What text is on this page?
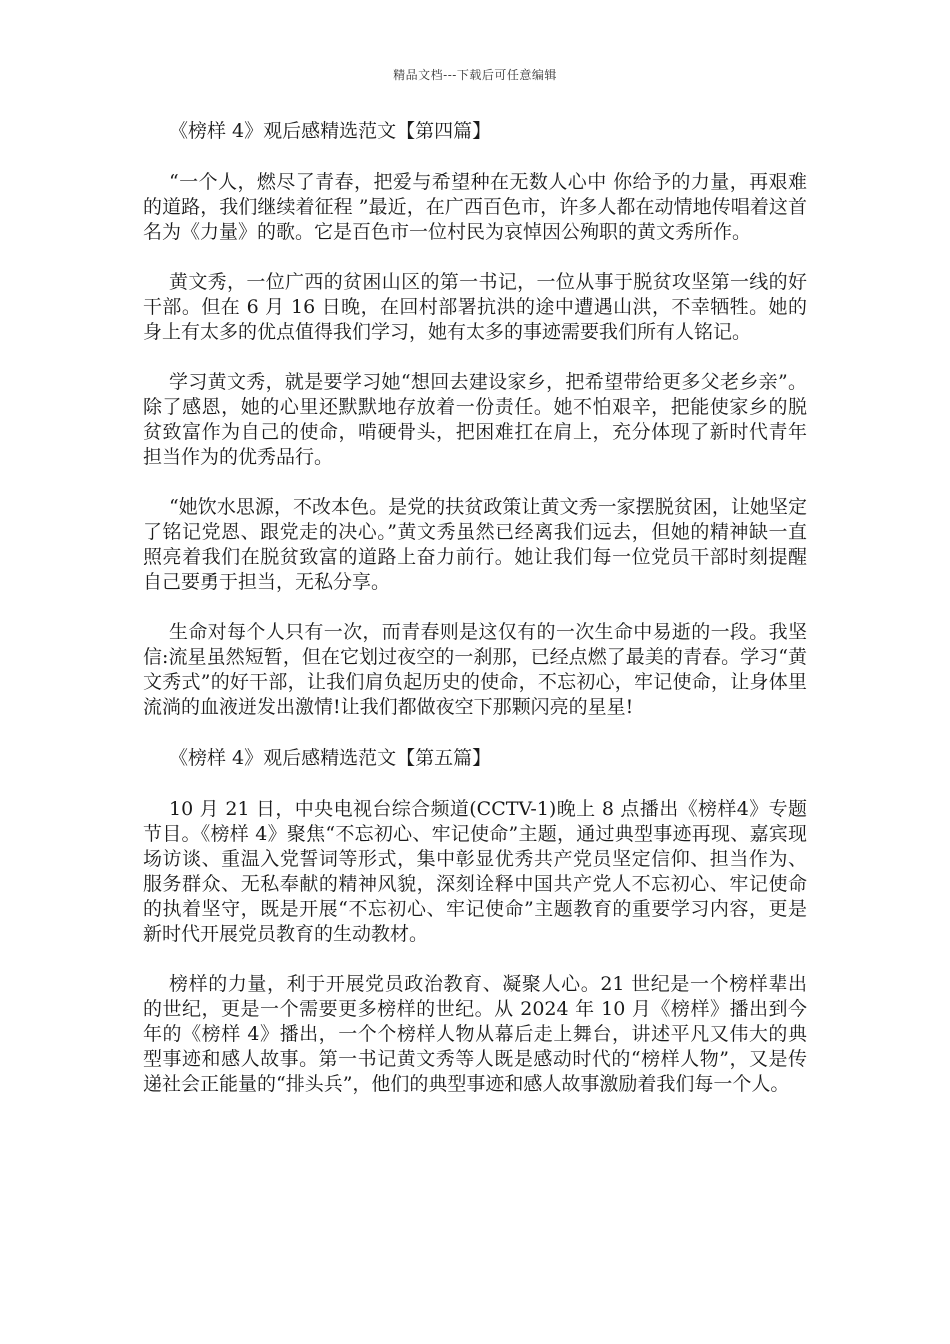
精品文档---下载后可任意编辑
《榜样 4》观后感精选范文【第四篇】

“一个人，燃尽了青春，把爱与希望种在无数人心中 你给予的力量，再艰难的道路，我们继续着征程 ”最近，在广西百色市，许多人都在动情地传唱着这首名为《力量》的歌。它是百色市一位村民为哀悼因公殉职的黄文秀所作。

黄文秀，一位广西的贫困山区的第一书记，一位从事于脱贫攻坚第一线的好干部。但在 6 月 16 日晚，在回村部署抗洪的途中遭遇山洪，不幸牺牲。她的身上有太多的优点值得我们学习，她有太多的事迹需要我们所有人铭记。

学习黄文秀，就是要学习她“想回去建设家乡，把希望带给更多父老乡亲”。除了感恩，她的心里还默默地存放着一份责任。她不怕艰辛，把能使家乡的脱贫致富作为自己的使命，啃硬骨头，把困难扛在肩上，充分体现了新时代青年担当作为的优秀品行。

“她饮水思源，不改本色。是党的扶贫政策让黄文秀一家摆脱贫困，让她坚定了铭记党恩、跟党走的决心。”黄文秀虽然已经离我们远去，但她的精神缺一直照亮着我们在脱贫致富的道路上奋力前行。她让我们每一位党员干部时刻提醒自己要勇于担当，无私分享。

生命对每个人只有一次，而青春则是这仅有的一次生命中易逝的一段。我坚信:流星虽然短暂，但在它划过夜空的一刹那，已经点燃了最美的青春。学习“黄文秀式”的好干部，让我们肩负起历史的使命，不忘初心，牢记使命，让身体里流淌的血液迸发出激情!让我们都做夜空下那颗闪亮的星星!

《榜样 4》观后感精选范文【第五篇】

10 月 21 日，中央电视台综合频道(CCTV-1)晚上 8 点播出《榜样4》专题节目。《榜样 4》聚焦“不忘初心、牢记使命”主题，通过典型事迹再现、嘉宾现场访谈、重温入党誓词等形式，集中彰显优秀共产党员坚定信仰、担当作为、服务群众、无私奉献的精神风貌，深刻诠释中国共产党人不忘初心、牢记使命的执着坚守，既是开展“不忘初心、牢记使命”主题教育的重要学习内容，更是新时代开展党员教育的生动教材。

榜样的力量，利于开展党员政治教育、凝聚人心。21 世纪是一个榜样辈出的世纪，更是一个需要更多榜样的世纪。从 2024 年 10 月《榜样》播出到今年的《榜样 4》播出，一个个榜样人物从幕后走上舞台，讲述平凡又伟大的典型事迹和感人故事。第一书记黄文秀等人既是感动时代的“榜样人物”，又是传递社会正能量的“排头兵”，他们的典型事迹和感人故事激励着我们每一个人。
